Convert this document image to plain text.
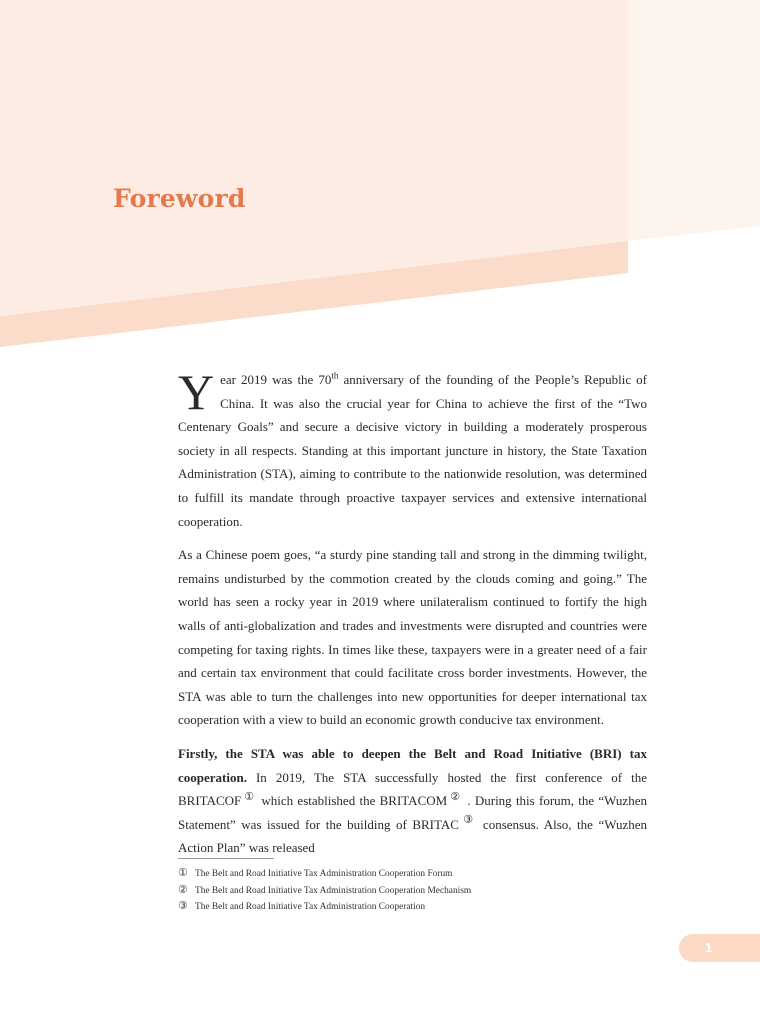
Foreword

Year 2019 was the 70th anniversary of the founding of the People’s Republic of China. It was also the crucial year for China to achieve the first of the “Two Centenary Goals” and secure a decisive victory in building a moderately prosperous society in all respects. Standing at this important juncture in history, the State Taxation Administration (STA), aiming to contribute to the nationwide resolution, was determined to fulfill its mandate through proactive taxpayer services and extensive international cooperation.

As a Chinese poem goes, “a sturdy pine standing tall and strong in the dimming twilight, remains undisturbed by the commotion created by the clouds coming and going.” The world has seen a rocky year in 2019 where unilateralism continued to fortify the high walls of anti-globalization and trades and investments were disrupted and countries were competing for taxing rights. In times like these, taxpayers were in a greater need of a fair and certain tax environment that could facilitate cross border investments. However, the STA was able to turn the challenges into new opportunities for deeper international tax cooperation with a view to build an economic growth conducive tax environment.

Firstly, the STA was able to deepen the Belt and Road Initiative (BRI) tax cooperation. In 2019, The STA successfully hosted the first conference of the BRITACOF ① which established the BRITACOM ② . During this forum, the “Wuzhen Statement” was issued for the building of BRITAC ③ consensus. Also, the “Wuzhen Action Plan” was released

① The Belt and Road Initiative Tax Administration Cooperation Forum
② The Belt and Road Initiative Tax Administration Cooperation Mechanism
③ The Belt and Road Initiative Tax Administration Cooperation
1
